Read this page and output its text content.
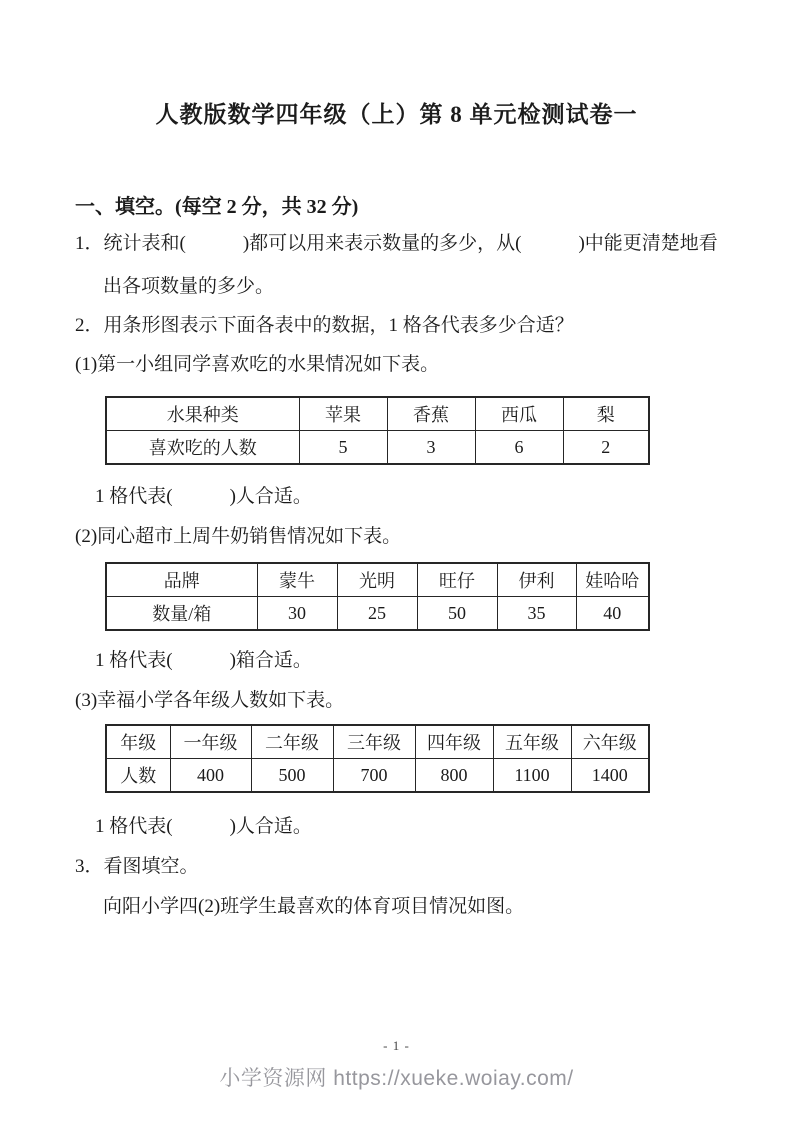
人教版数学四年级（上）第 8 单元检测试卷一
一、填空。(每空 2 分，共 32 分)
1．统计表和(　　　)都可以用来表示数量的多少，从(　　　)中能更清楚地看
出各项数量的多少。
2．用条形图表示下面各表中的数据，1 格各代表多少合适？
(1)第一小组同学喜欢吃的水果情况如下表。
水果种类	苹果	香蕉	西瓜	梨
喜欢吃的人数	5	3	6	2
1 格代表(　　　)人合适。
(2)同心超市上周牛奶销售情况如下表。
品牌	蒙牛	光明	旺仔	伊利	娃哈哈
数量/箱	30	25	50	35	40
1 格代表(　　　)箱合适。
(3)幸福小学各年级人数如下表。
年级	一年级	二年级	三年级	四年级	五年级	六年级
人数	400	500	700	800	1100	1400
1 格代表(　　　)人合适。
3．看图填空。
向阳小学四(2)班学生最喜欢的体育项目情况如图。
- 1 -
小学资源网 https://xueke.woiay.com/
